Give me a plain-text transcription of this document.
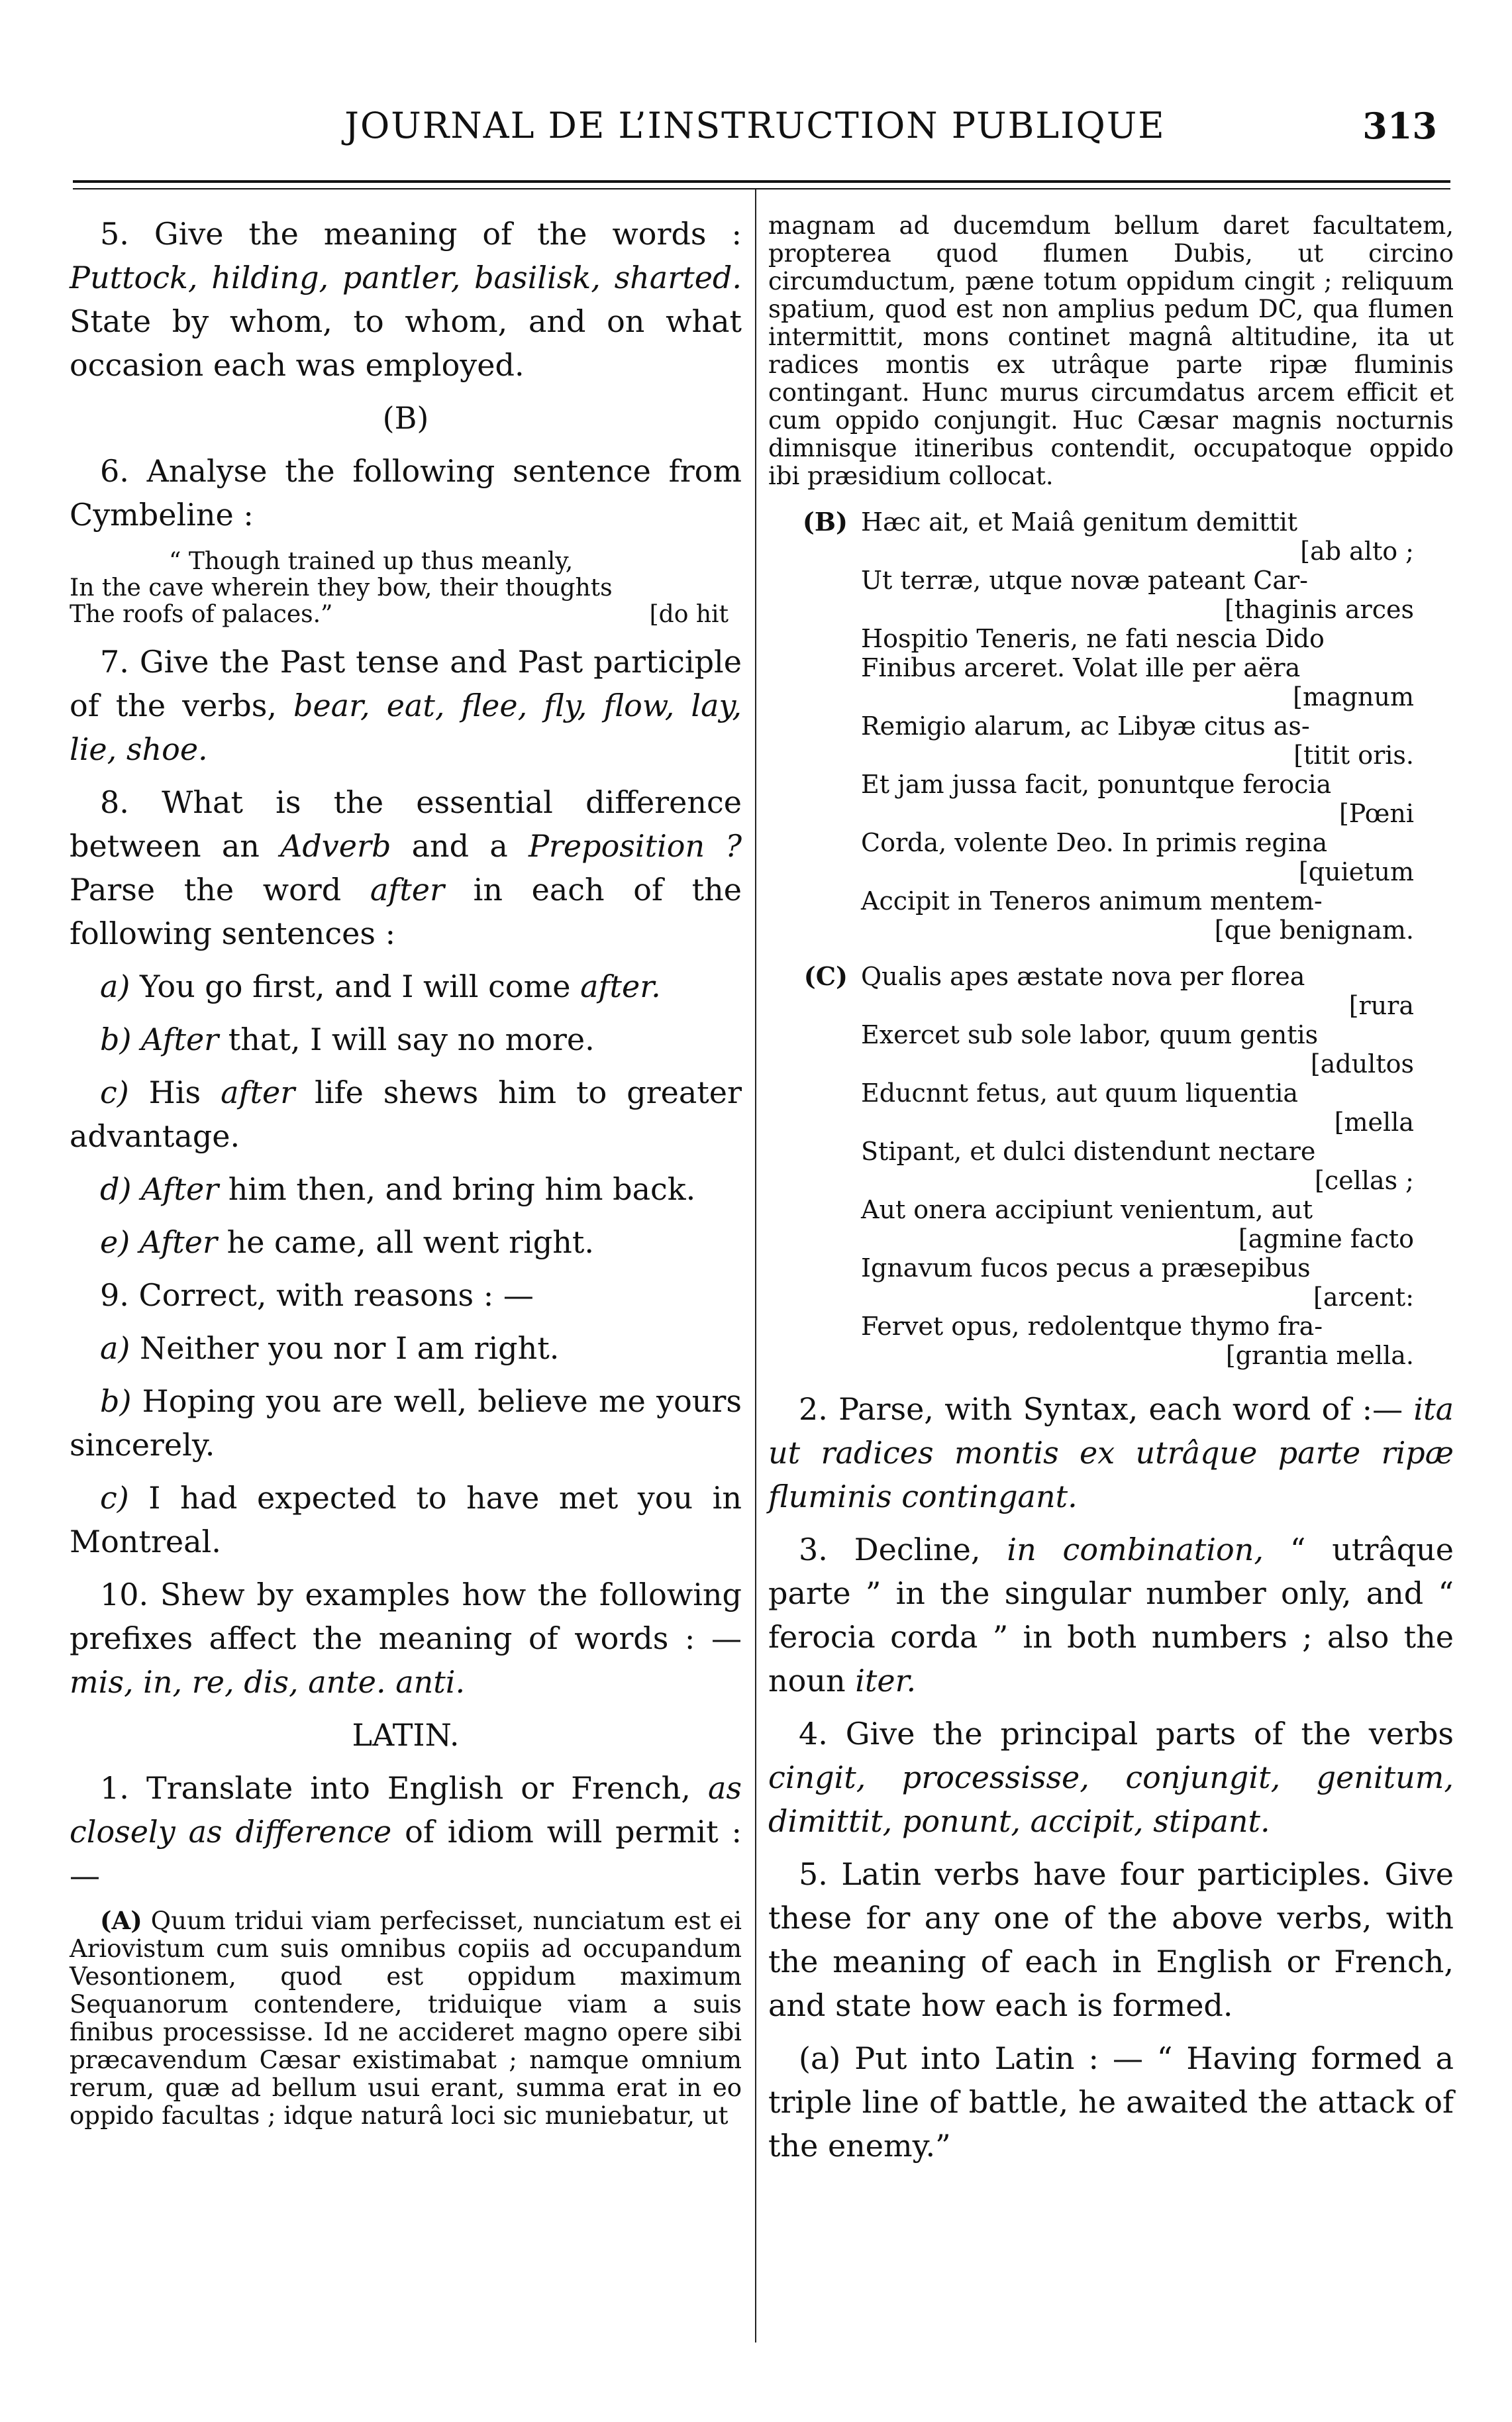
JOURNAL DE L’INSTRUCTION PUBLIQUE	313

5. Give the meaning of the words : Puttock, hilding, pantler, basilisk, sharted. State by whom, to whom, and on what occasion each was employed.

(B)

6. Analyse the following sentence from Cymbeline :

“ Though trained up thus meanly,
In the cave wherein they bow, their thoughts
The roofs of palaces.”	[do hit

7. Give the Past tense and Past participle of the verbs, bear, eat, flee, fly, flow, lay, lie, shoe.

8. What is the essential difference between an Adverb and a Preposition ? Parse the word after in each of the following sentences :

a) You go first, and I will come after.

b) After that, I will say no more.

c) His after life shews him to greater advantage.

d) After him then, and bring him back.

e) After he came, all went right.

9. Correct, with reasons : —

a) Neither you nor I am right.

b) Hoping you are well, believe me yours sincerely.

c) I had expected to have met you in Montreal.

10. Shew by examples how the following prefixes affect the meaning of words : — mis, in, re, dis, ante. anti.

LATIN.

1. Translate into English or French, as closely as difference of idiom will permit :—

(A) Quum tridui viam perfecisset, nunciatum est ei Ariovistum cum suis omnibus copiis ad occupandum Vesontionem, quod est oppidum maximum Sequanorum contendere, triduique viam a suis finibus processisse. Id ne accideret magno opere sibi præcavendum Cæsar existimabat ; namque omnium rerum, quæ ad bellum usui erant, summa erat in eo oppido facultas ; idque naturâ loci sic muniebatur, ut

magnam ad ducemdum bellum daret facultatem, propterea quod flumen Dubis, ut circino circumductum, pæne totum oppidum cingit ; reliquum spatium, quod est non amplius pedum DC, qua flumen intermittit, mons continet magnâ altitudine, ita ut radices montis ex utrâque parte ripæ fluminis contingant. Hunc murus circumdatus arcem efficit et cum oppido conjungit. Huc Cæsar magnis nocturnis dimnisque itineribus contendit, occupatoque oppido ibi præsidium collocat.

(B) Hæc ait, et Maiâ genitum demittit
[ab alto ;
Ut terræ, utque novæ pateant Car-
[thaginis arces
Hospitio Teneris, ne fati nescia Dido
Finibus arceret. Volat ille per aëra
[magnum
Remigio alarum, ac Libyæ citus as-
[titit oris.
Et jam jussa facit, ponuntque ferocia
[Pœni
Corda, volente Deo. In primis regina
[quietum
Accipit in Teneros animum mentem-
[que benignam.
(C) Qualis apes æstate nova per florea
[rura
Exercet sub sole labor, quum gentis
[adultos
Educnnt fetus, aut quum liquentia
[mella
Stipant, et dulci distendunt nectare
[cellas ;
Aut onera accipiunt venientum, aut
[agmine facto
Ignavum fucos pecus a præsepibus
[arcent:
Fervet opus, redolentque thymo fra-
[grantia mella.

2. Parse, with Syntax, each word of :— ita ut radices montis ex utrâque parte ripæ fluminis contingant.

3. Decline, in combination, “ utrâque parte ” in the singular number only, and “ ferocia corda ” in both numbers ; also the noun iter.

4. Give the principal parts of the verbs cingit, processisse, conjungit, genitum, dimittit, ponunt, accipit, stipant.

5. Latin verbs have four participles. Give these for any one of the above verbs, with the meaning of each in English or French, and state how each is formed.

(a) Put into Latin : — “ Having formed a triple line of battle, he awaited the attack of the enemy.”
